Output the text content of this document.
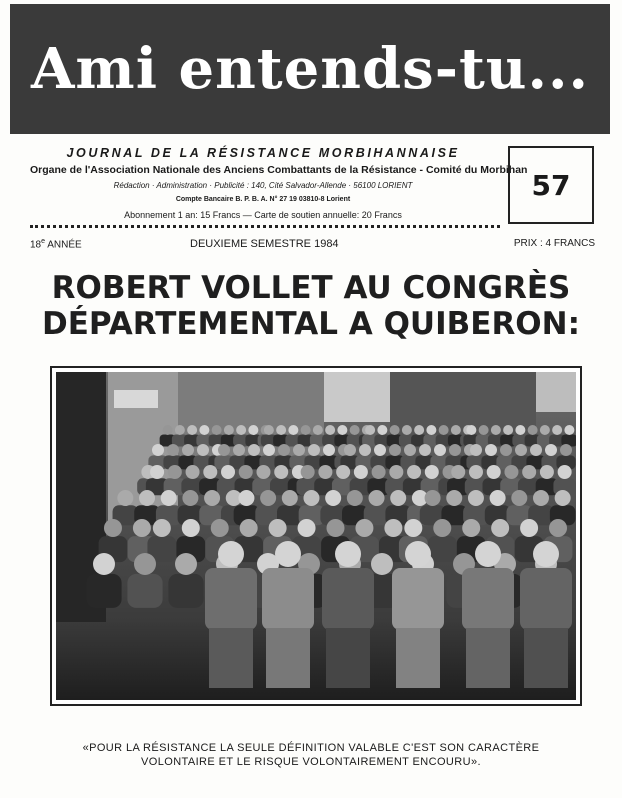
Ami entends-tu...
JOURNAL DE LA RÉSISTANCE MORBIHANNAISE
Organe de l'Association Nationale des Anciens Combattants de la Résistance - Comité du Morbihan
Rédaction · Administration · Publicité : 140, Cité Salvador-Allende · 56100 LORIENT
Compte Bancaire B. P. B. A. N° 27 19 03810-8 Lorient
Abonnement 1 an: 15 Francs — Carte de soutien annuelle: 20 Francs
57
18e ANNÉE	DEUXIEME SEMESTRE 1984	PRIX : 4 FRANCS
ROBERT VOLLET AU CONGRÈS
DÉPARTEMENTAL A QUIBERON:
«POUR LA RÉSISTANCE LA SEULE DÉFINITION VALABLE C'EST SON CARACTÈRE
VOLONTAIRE ET LE RISQUE VOLONTAIREMENT ENCOURU».
